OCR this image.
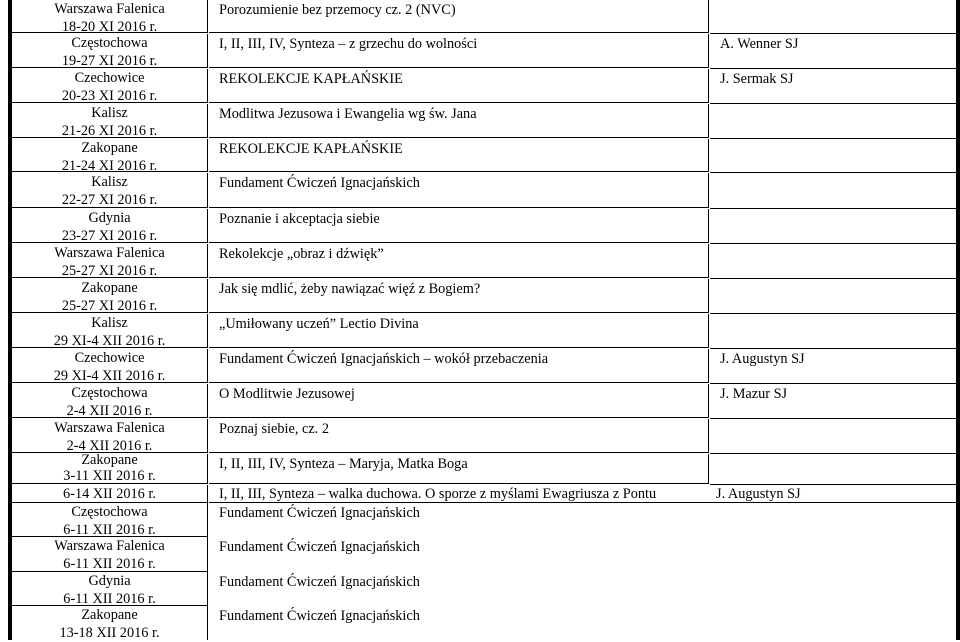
Warszawa Falenica
18-20 XI 2016 r.
Porozumienie bez przemocy cz. 2 (NVC)
Częstochowa
19-27 XI 2016 r.
I, II, III, IV, Synteza – z grzechu do wolności	A. Wenner SJ
Czechowice
20-23 XI 2016 r.
REKOLEKCJE KAPŁAŃSKIE	J. Sermak SJ
Kalisz
21-26 XI 2016 r.
Modlitwa Jezusowa i Ewangelia wg św. Jana
Zakopane
21-24 XI 2016 r.
REKOLEKCJE KAPŁAŃSKIE
Kalisz
22-27 XI 2016 r.
Fundament Ćwiczeń Ignacjańskich
Gdynia
23-27 XI 2016 r.
Poznanie i akceptacja siebie
Warszawa Falenica
25-27 XI 2016 r.
Rekolekcje „obraz i dźwięk”
Zakopane
25-27 XI 2016 r.
Jak się mdlić, żeby nawiązać więź z Bogiem?
Kalisz
29 XI-4 XII 2016 r.
„Umiłowany uczeń” Lectio Divina
Czechowice
29 XI-4 XII 2016 r.
Fundament Ćwiczeń Ignacjańskich – wokół przebaczenia	J. Augustyn SJ
Częstochowa
2-4 XII 2016 r.
O Modlitwie Jezusowej	J. Mazur SJ
Warszawa Falenica
2-4 XII 2016 r.
Poznaj siebie, cz. 2
Zakopane
3-11 XII 2016 r.
I, II, III, IV, Synteza – Maryja, Matka Boga
6-14 XII 2016 r.	I, II, III, Synteza – walka duchowa. O sporze z myślami Ewagriusza z Pontu	J. Augustyn SJ
Częstochowa
6-11 XII 2016 r.
Fundament Ćwiczeń Ignacjańskich
Warszawa Falenica
6-11 XII 2016 r.
Fundament Ćwiczeń Ignacjańskich
Gdynia
6-11 XII 2016 r.
Fundament Ćwiczeń Ignacjańskich
Zakopane
13-18 XII 2016 r.
Fundament Ćwiczeń Ignacjańskich
